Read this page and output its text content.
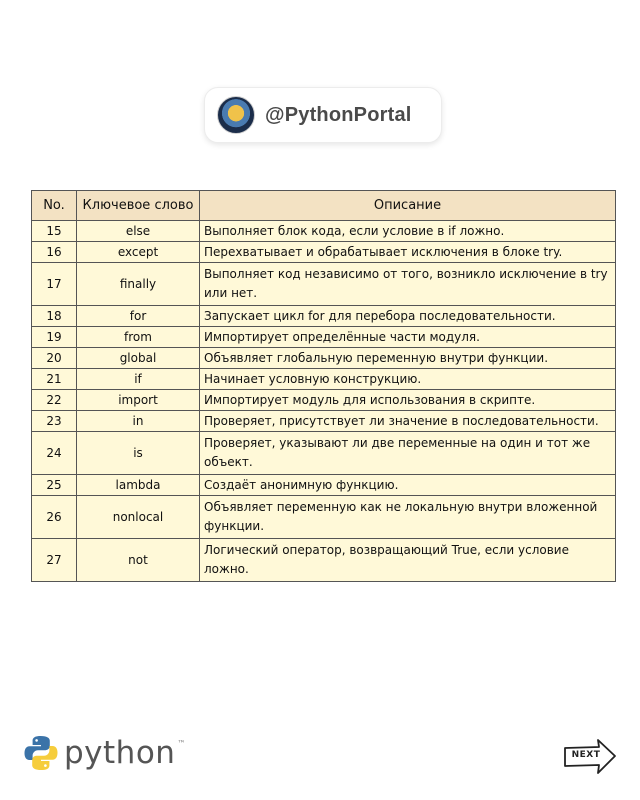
@PythonPortal
No.	Ключевое слово	Описание
15	else	Выполняет блок кода, если условие в if ложно.
16	except	Перехватывает и обрабатывает исключения в блоке try.
17	finally	Выполняет код независимо от того, возникло исключение в try или нет.
18	for	Запускает цикл for для перебора последовательности.
19	from	Импортирует определённые части модуля.
20	global	Объявляет глобальную переменную внутри функции.
21	if	Начинает условную конструкцию.
22	import	Импортирует модуль для использования в скрипте.
23	in	Проверяет, присутствует ли значение в последовательности.
24	is	Проверяет, указывают ли две переменные на один и тот же объект.
25	lambda	Создаёт анонимную функцию.
26	nonlocal	Объявляет переменную как не локальную внутри вложенной функции.
27	not	Логический оператор, возвращающий True, если условие ложно.
python ™
NEXT
